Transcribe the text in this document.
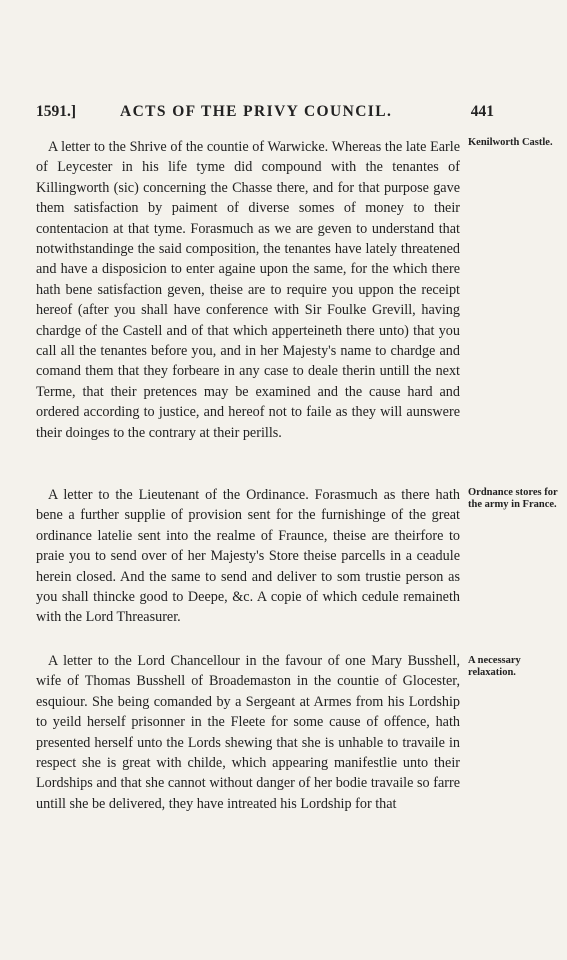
1591.]	ACTS OF THE PRIVY COUNCIL.	441

A letter to the Shrive of the countie of Warwicke. Whereas the late Earle of Leycester in his life tyme did compound with the tenantes of Killingworth (sic) concerning the Chasse there, and for that purpose gave them satisfaction by paiment of diverse somes of money to their contentacion at that tyme. Forasmuch as we are geven to understand that notwithstandinge the said composition, the tenantes have lately threatened and have a disposicion to enter againe upon the same, for the which there hath bene satisfaction geven, theise are to require you uppon the receipt hereof (after you shall have conference with Sir Foulke Grevill, having chardge of the Castell and of that which apperteineth there unto) that you call all the tenantes before you, and in her Majesty's name to chardge and comand them that they forbeare in any case to deale therin untill the next Terme, that their pretences may be examined and the cause hard and ordered according to justice, and hereof not to faile as they will aunswere their doinges to the contrary at their perills.

Kenilworth Castle.

A letter to the Lieutenant of the Ordinance. Forasmuch as there hath bene a further supplie of provision sent for the furnishinge of the great ordinance latelie sent into the realme of Fraunce, theise are theirfore to praie you to send over of her Majesty's Store theise parcells in a ceadule herein closed. And the same to send and deliver to som trustie person as you shall thincke good to Deepe, &c. A copie of which cedule remaineth with the Lord Threasurer.

Ordnance stores for the army in France.

A letter to the Lord Chancellour in the favour of one Mary Busshell, wife of Thomas Busshell of Broademaston in the countie of Glocester, esquiour. She being comanded by a Sergeant at Armes from his Lordship to yeild herself prisonner in the Fleete for some cause of offence, hath presented herself unto the Lords shewing that she is unhable to travaile in respect she is great with childe, which appearing manifestlie unto their Lordships and that she cannot without danger of her bodie travaile so farre untill she be delivered, they have intreated his Lordship for that

A necessary relaxation.
